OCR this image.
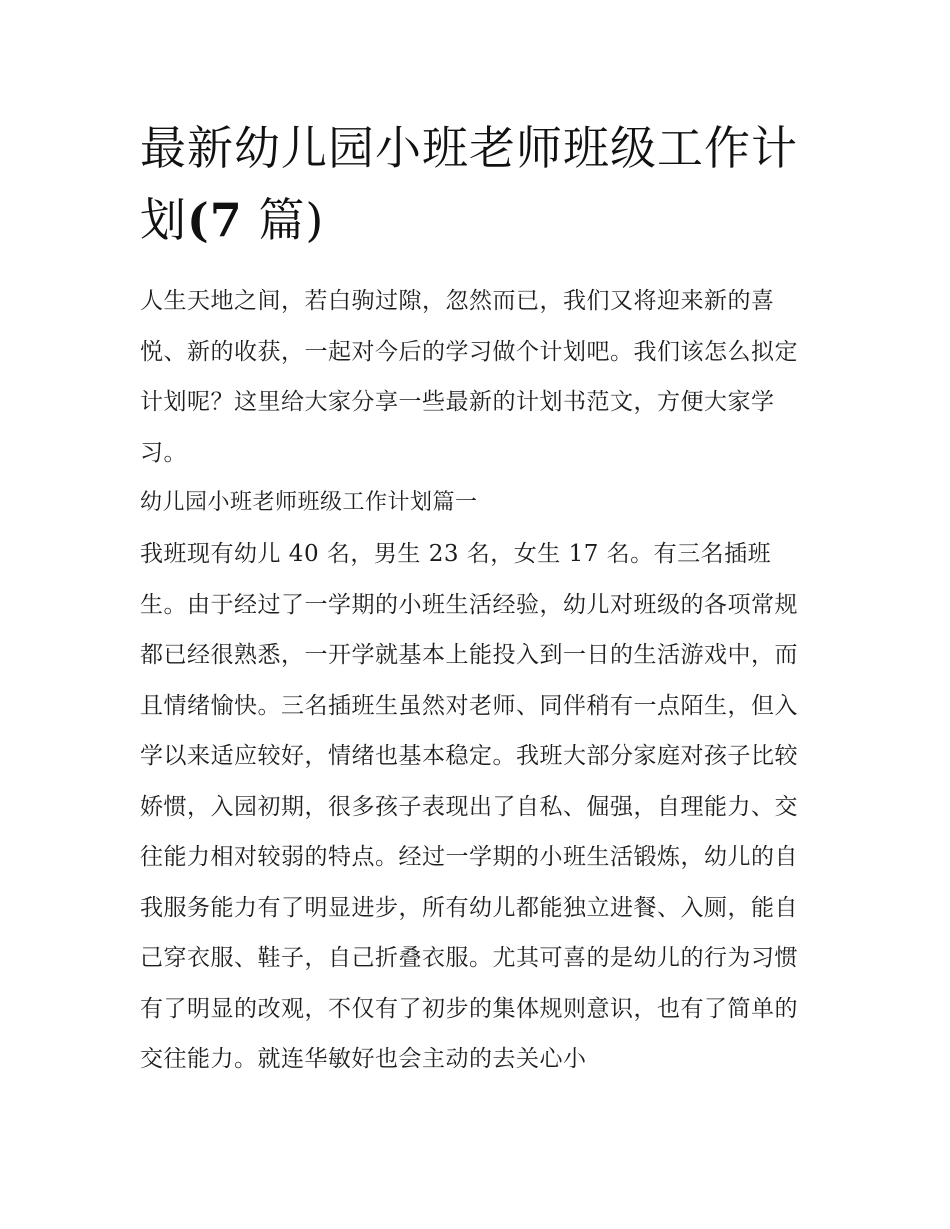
最新幼儿园小班老师班级工作计划(7 篇)

人生天地之间，若白驹过隙，忽然而已，我们又将迎来新的喜悦、新的收获，一起对今后的学习做个计划吧。我们该怎么拟定计划呢？这里给大家分享一些最新的计划书范文，方便大家学习。

幼儿园小班老师班级工作计划篇一

我班现有幼儿 40 名，男生 23 名，女生 17 名。有三名插班生。由于经过了一学期的小班生活经验，幼儿对班级的各项常规都已经很熟悉，一开学就基本上能投入到一日的生活游戏中，而且情绪愉快。三名插班生虽然对老师、同伴稍有一点陌生，但入学以来适应较好，情绪也基本稳定。我班大部分家庭对孩子比较娇惯，入园初期，很多孩子表现出了自私、倔强，自理能力、交往能力相对较弱的特点。经过一学期的小班生活锻炼，幼儿的自我服务能力有了明显进步，所有幼儿都能独立进餐、入厕，能自己穿衣服、鞋子，自己折叠衣服。尤其可喜的是幼儿的行为习惯有了明显的改观，不仅有了初步的集体规则意识，也有了简单的交往能力。就连华敏好也会主动的去关心小
